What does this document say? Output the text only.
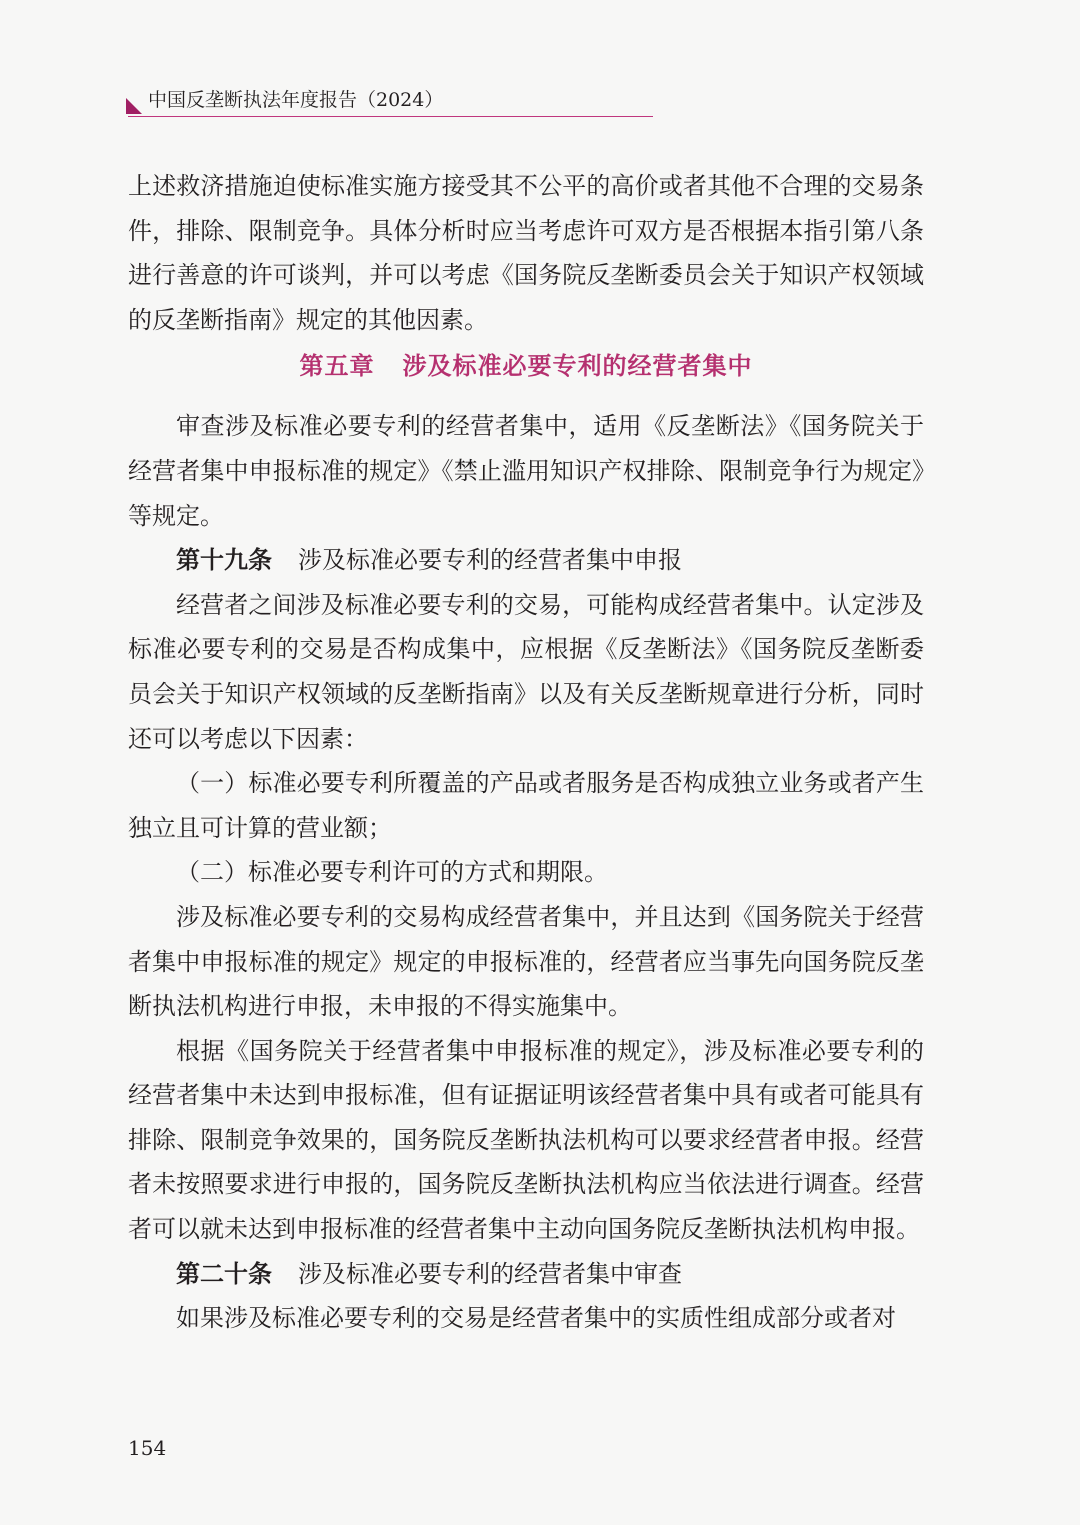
中国反垄断执法年度报告（2024）

上述救济措施迫使标准实施方接受其不公平的高价或者其他不合理的交易条件，排除、限制竞争。具体分析时应当考虑许可双方是否根据本指引第八条进行善意的许可谈判，并可以考虑《国务院反垄断委员会关于知识产权领域的反垄断指南》规定的其他因素。

第五章 涉及标准必要专利的经营者集中

审查涉及标准必要专利的经营者集中，适用《反垄断法》《国务院关于经营者集中申报标准的规定》《禁止滥用知识产权排除、限制竞争行为规定》等规定。

第十九条 涉及标准必要专利的经营者集中申报

经营者之间涉及标准必要专利的交易，可能构成经营者集中。认定涉及标准必要专利的交易是否构成集中，应根据《反垄断法》《国务院反垄断委员会关于知识产权领域的反垄断指南》以及有关反垄断规章进行分析，同时还可以考虑以下因素：

（一）标准必要专利所覆盖的产品或者服务是否构成独立业务或者产生独立且可计算的营业额；

（二）标准必要专利许可的方式和期限。

涉及标准必要专利的交易构成经营者集中，并且达到《国务院关于经营者集中申报标准的规定》规定的申报标准的，经营者应当事先向国务院反垄断执法机构进行申报，未申报的不得实施集中。

根据《国务院关于经营者集中申报标准的规定》，涉及标准必要专利的经营者集中未达到申报标准，但有证据证明该经营者集中具有或者可能具有排除、限制竞争效果的，国务院反垄断执法机构可以要求经营者申报。经营者未按照要求进行申报的，国务院反垄断执法机构应当依法进行调查。经营者可以就未达到申报标准的经营者集中主动向国务院反垄断执法机构申报。

第二十条 涉及标准必要专利的经营者集中审查

如果涉及标准必要专利的交易是经营者集中的实质性组成部分或者对

154
